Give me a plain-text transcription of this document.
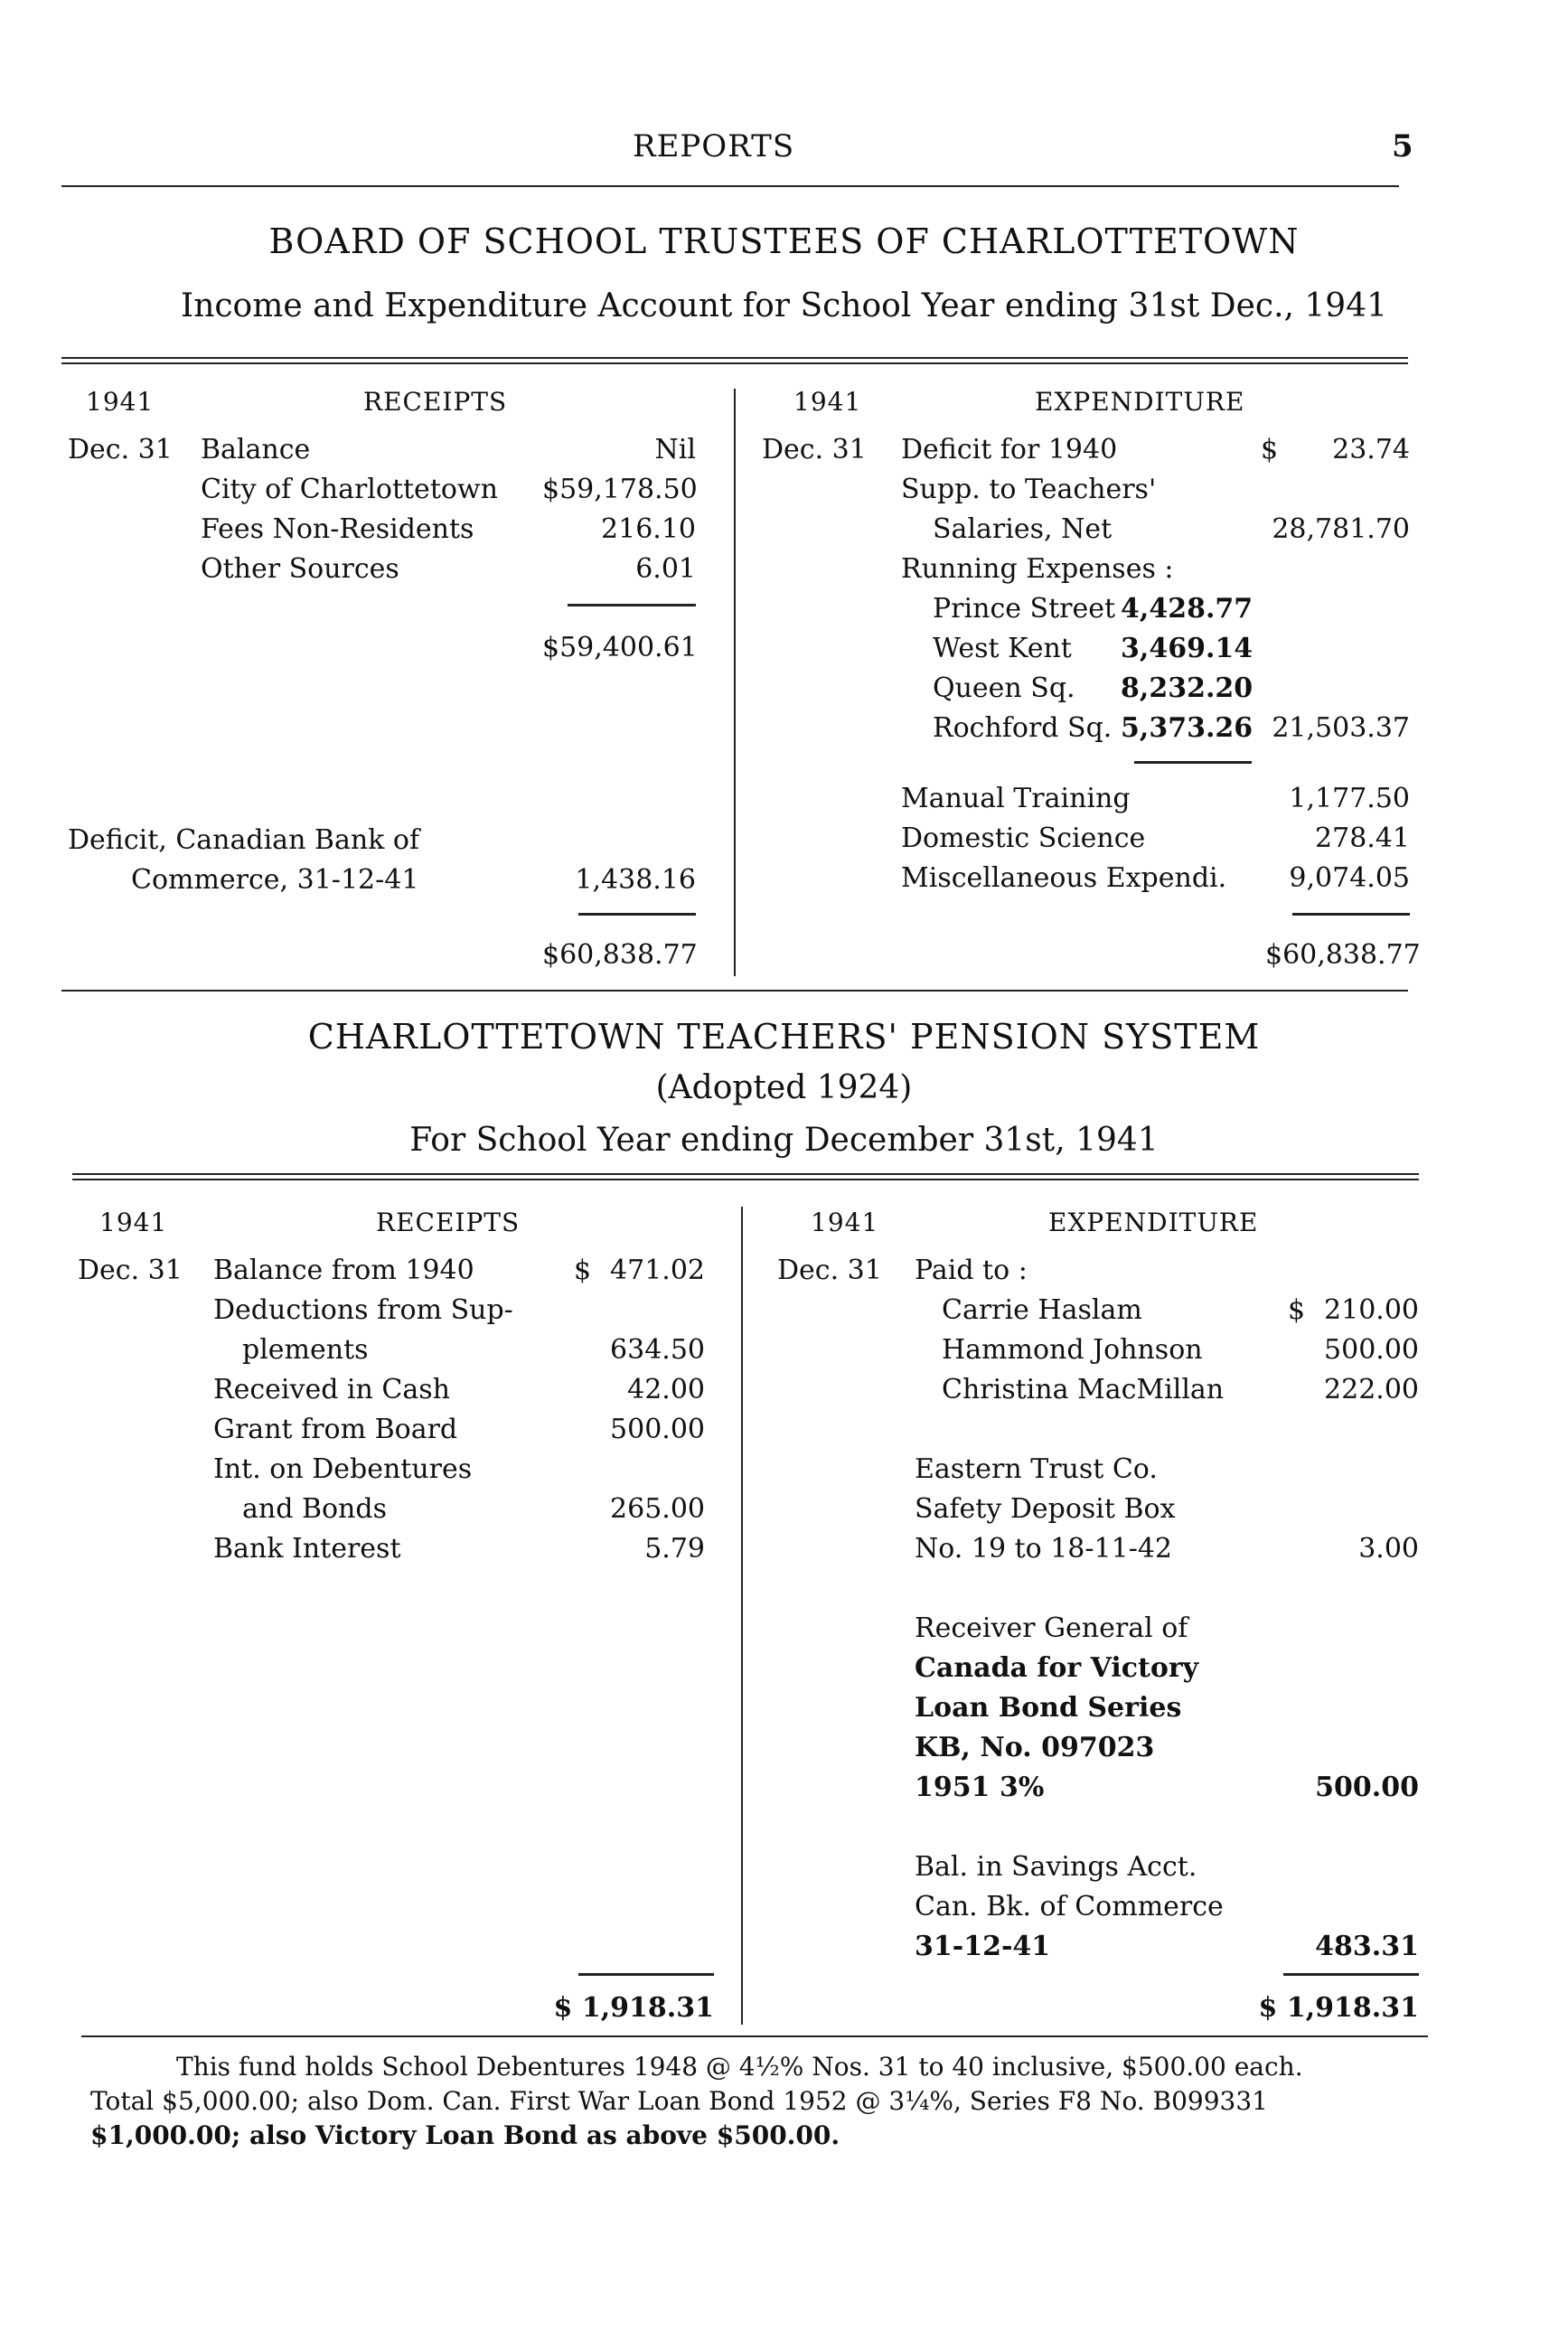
REPORTS	5
BOARD OF SCHOOL TRUSTEES OF CHARLOTTETOWN
Income and Expenditure Account for School Year ending 31st Dec., 1941
1941	RECEIPTS
Dec. 31 Balance	Nil
City of Charlottetown $59,178.50
Fees Non-Residents	216.10
Other Sources	6.01
$59,400.61
Deficit, Canadian Bank of
Commerce, 31-12-41	1,438.16
$60,838.77
1941	EXPENDITURE
Dec. 31 Deficit for 1940	$	23.74
Supp. to Teachers'
Salaries, Net	28,781.70
Running Expenses :
Prince Street 4,428.77
West Kent 3,469.14
Queen Sq. 8,232.20
Rochford Sq. 5,373.26 21,503.37
Manual Training	1,177.50
Domestic Science	278.41
Miscellaneous Expendi.	9,074.05
$60,838.77
CHARLOTTETOWN TEACHERS' PENSION SYSTEM
(Adopted 1924)
For School Year ending December 31st, 1941
1941	RECEIPTS
Dec. 31 Balance from 1940	$ 471.02
Deductions from Sup-
plements	634.50
Received in Cash	42.00
Grant from Board	500.00
Int. on Debentures
and Bonds	265.00
Bank Interest	5.79
$ 1,918.31
1941	EXPENDITURE
Dec. 31 Paid to :
Carrie Haslam	$ 210.00
Hammond Johnson	500.00
Christina MacMillan	222.00
Eastern Trust Co.
Safety Deposit Box
No. 19 to 18-11-42	3.00
Receiver General of
Canada for Victory
Loan Bond Series
KB, No. 097023
1951 3%	500.00
Bal. in Savings Acct.
Can. Bk. of Commerce
31-12-41	483.31
$ 1,918.31
This fund holds School Debentures 1948 @ 4½% Nos. 31 to 40 inclusive, $500.00 each.
Total $5,000.00; also Dom. Can. First War Loan Bond 1952 @ 3¼%, Series F8 No. B099331
$1,000.00; also Victory Loan Bond as above $500.00.
